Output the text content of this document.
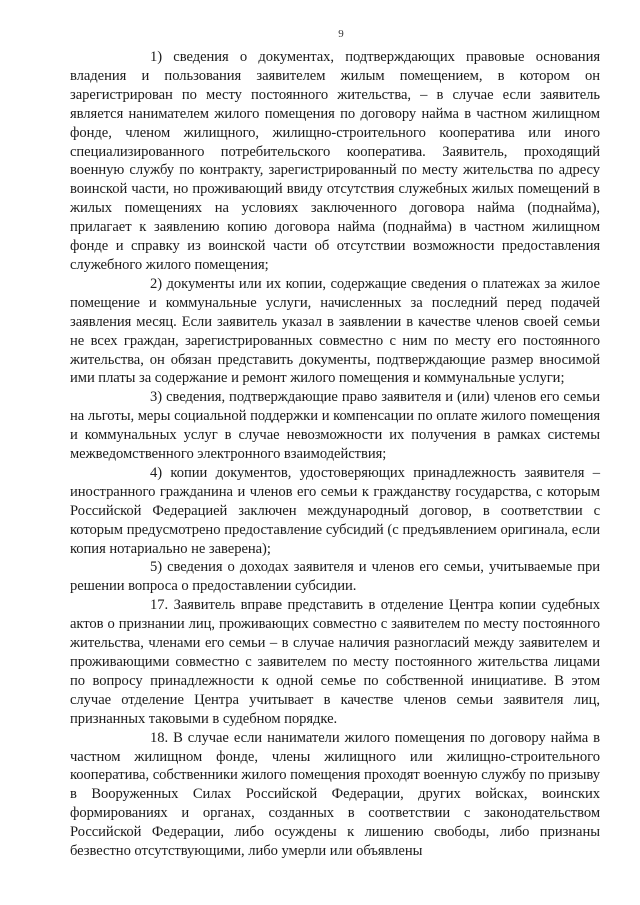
9

1) сведения о документах, подтверждающих правовые основания владения и пользования заявителем жилым помещением, в котором он зарегистрирован по месту постоянного жительства, – в случае если заявитель является нанимателем жилого помещения по договору найма в частном жилищном фонде, членом жилищного, жилищно-строительного кооператива или иного специализированного потребительского кооператива. Заявитель, проходящий военную службу по контракту, зарегистрированный по месту жительства по адресу воинской части, но проживающий ввиду отсутствия служебных жилых помещений в жилых помещениях на условиях заключенного договора найма (поднайма), прилагает к заявлению копию договора найма (поднайма) в частном жилищном фонде и справку из воинской части об отсутствии возможности предоставления служебного жилого помещения;

2) документы или их копии, содержащие сведения о платежах за жилое помещение и коммунальные услуги, начисленных за последний перед подачей заявления месяц. Если заявитель указал в заявлении в качестве членов своей семьи не всех граждан, зарегистрированных совместно с ним по месту его постоянного жительства, он обязан представить документы, подтверждающие размер вносимой ими платы за содержание и ремонт жилого помещения и коммунальные услуги;

3) сведения, подтверждающие право заявителя и (или) членов его семьи на льготы, меры социальной поддержки и компенсации по оплате жилого помещения и коммунальных услуг в случае невозможности их получения в рамках системы межведомственного электронного взаимодействия;

4) копии документов, удостоверяющих принадлежность заявителя – иностранного гражданина и членов его семьи к гражданству государства, с которым Российской Федерацией заключен международный договор, в соответствии с которым предусмотрено предоставление субсидий (с предъявлением оригинала, если копия нотариально не заверена);

5) сведения о доходах заявителя и членов его семьи, учитываемые при решении вопроса о предоставлении субсидии.

17. Заявитель вправе представить в отделение Центра копии судебных актов о признании лиц, проживающих совместно с заявителем по месту постоянного жительства, членами его семьи – в случае наличия разногласий между заявителем и проживающими совместно с заявителем по месту постоянного жительства лицами по вопросу принадлежности к одной семье по собственной инициативе. В этом случае отделение Центра учитывает в качестве членов семьи заявителя лиц, признанных таковыми в судебном порядке.

18. В случае если наниматели жилого помещения по договору найма в частном жилищном фонде, члены жилищного или жилищно-строительного кооператива, собственники жилого помещения проходят военную службу по призыву в Вооруженных Силах Российской Федерации, других войсках, воинских формированиях и органах, созданных в соответствии с законодательством Российской Федерации, либо осуждены к лишению свободы, либо признаны безвестно отсутствующими, либо умерли или объявлены
